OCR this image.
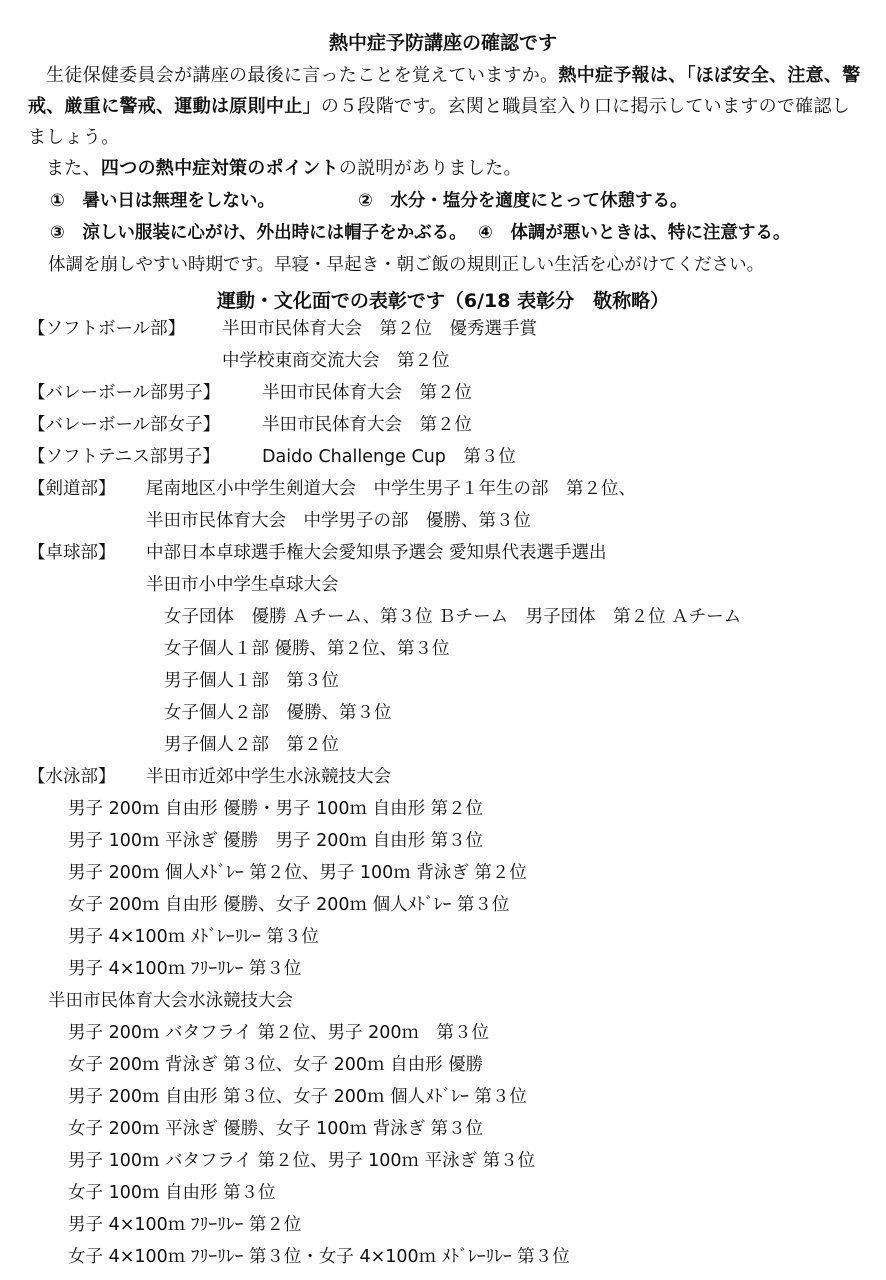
熱中症予防講座の確認です
生徒保健委員会が講座の最後に言ったことを覚えていますか。熱中症予報は、「ほぼ安全、注意、警戒、厳重に警戒、運動は原則中止」の５段階です。玄関と職員室入り口に掲示していますので確認しましょう。
また、四つの熱中症対策のポイントの説明がありました。
①　暑い日は無理をしない。	②　水分・塩分を適度にとって休憩する。
③　涼しい服装に心がけ、外出時には帽子をかぶる。 ④　体調が悪いときは、特に注意する。
体調を崩しやすい時期です。早寝・早起き・朝ご飯の規則正しい生活を心がけてください。
運動・文化面での表彰です（6/18 表彰分　敬称略）
【ソフトボール部】 半田市民体育大会　第２位　優秀選手賞
中学校東商交流大会　第２位
【バレーボール部男子】 半田市民体育大会　第２位
【バレーボール部女子】 半田市民体育大会　第２位
【ソフトテニス部男子】 Daido Challenge Cup　第３位
【剣道部】 尾南地区小中学生剣道大会　中学生男子１年生の部　第２位、
半田市民体育大会　中学男子の部　優勝、第３位
【卓球部】 中部日本卓球選手権大会愛知県予選会 愛知県代表選手選出
半田市小中学生卓球大会
女子団体　優勝 Ａチーム、第３位 Ｂチーム　男子団体　第２位 Ａチーム
女子個人１部 優勝、第２位、第３位
男子個人１部　第３位
女子個人２部　優勝、第３位
男子個人２部　第２位
【水泳部】 半田市近郊中学生水泳競技大会
男子 200ｍ 自由形 優勝・男子 100ｍ 自由形 第２位
男子 100ｍ 平泳ぎ 優勝　男子 200ｍ 自由形 第３位
男子 200ｍ 個人ﾒﾄﾞﾚｰ 第２位、男子 100ｍ 背泳ぎ 第２位
女子 200ｍ 自由形 優勝、女子 200ｍ 個人ﾒﾄﾞﾚｰ 第３位
男子 4×100ｍ ﾒﾄﾞﾚｰﾘﾚｰ 第３位
男子 4×100ｍ ﾌﾘｰﾘﾚｰ 第３位
半田市民体育大会水泳競技大会
男子 200ｍ バタフライ 第２位、男子 200ｍ　第３位
女子 200ｍ 背泳ぎ 第３位、女子 200ｍ 自由形 優勝
男子 200ｍ 自由形 第３位、女子 200ｍ 個人ﾒﾄﾞﾚｰ 第３位
女子 200ｍ 平泳ぎ 優勝、女子 100ｍ 背泳ぎ 第３位
男子 100ｍ バタフライ 第２位、男子 100ｍ 平泳ぎ 第３位
女子 100ｍ 自由形 第３位
男子 4×100ｍ ﾌﾘｰﾘﾚｰ 第２位
女子 4×100ｍ ﾌﾘｰﾘﾚｰ 第３位・女子 4×100ｍ ﾒﾄﾞﾚｰﾘﾚｰ 第３位
